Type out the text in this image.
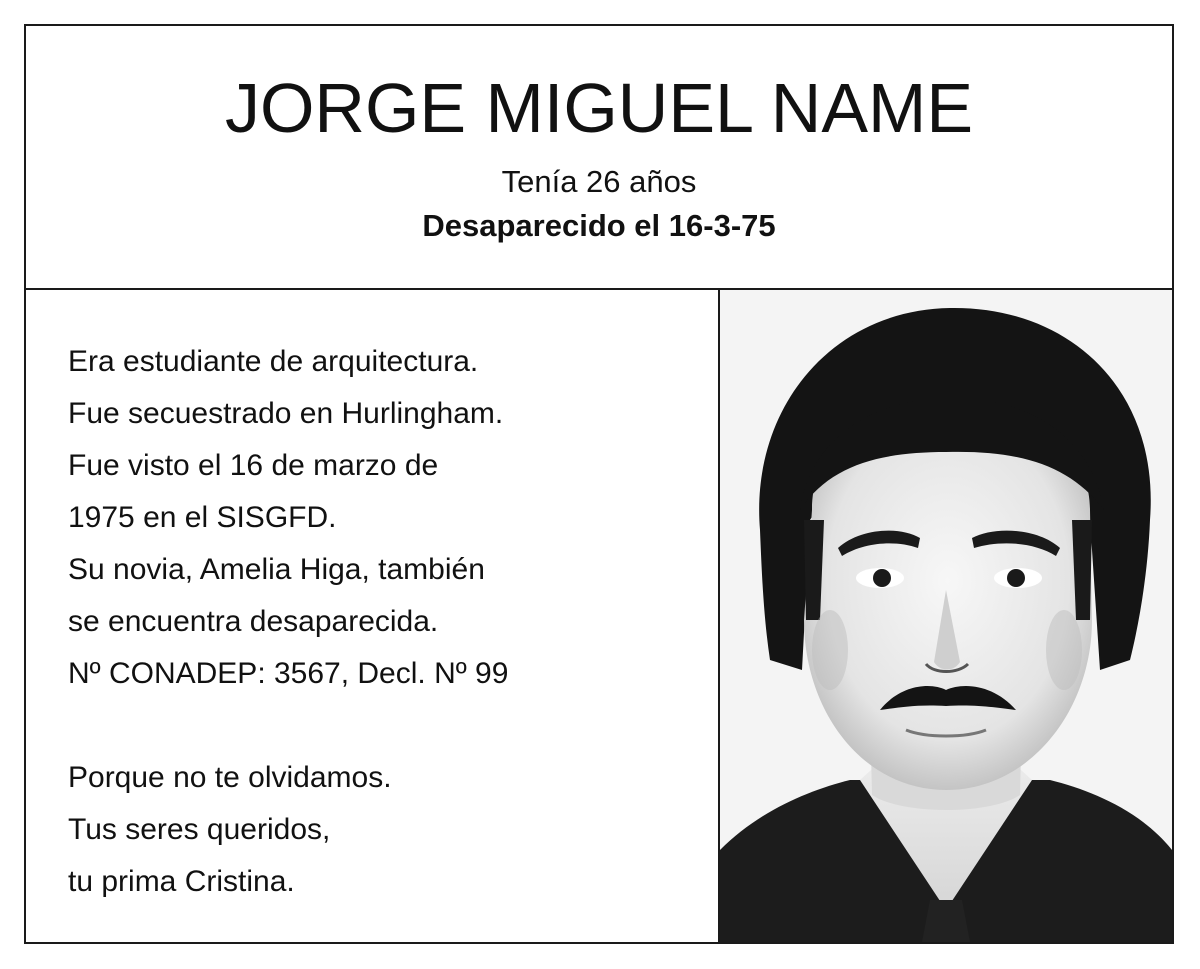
JORGE MIGUEL NAME
Tenía 26 años
Desaparecido el 16-3-75
Era estudiante de arquitectura.
Fue secuestrado en Hurlingham.
Fue visto el 16 de marzo de
1975 en el SISGFD.
Su novia, Amelia Higa, también
se encuentra desaparecida.
Nº CONADEP: 3567, Decl. Nº 99
Porque no te olvidamos.
Tus seres queridos,
tu prima Cristina.
